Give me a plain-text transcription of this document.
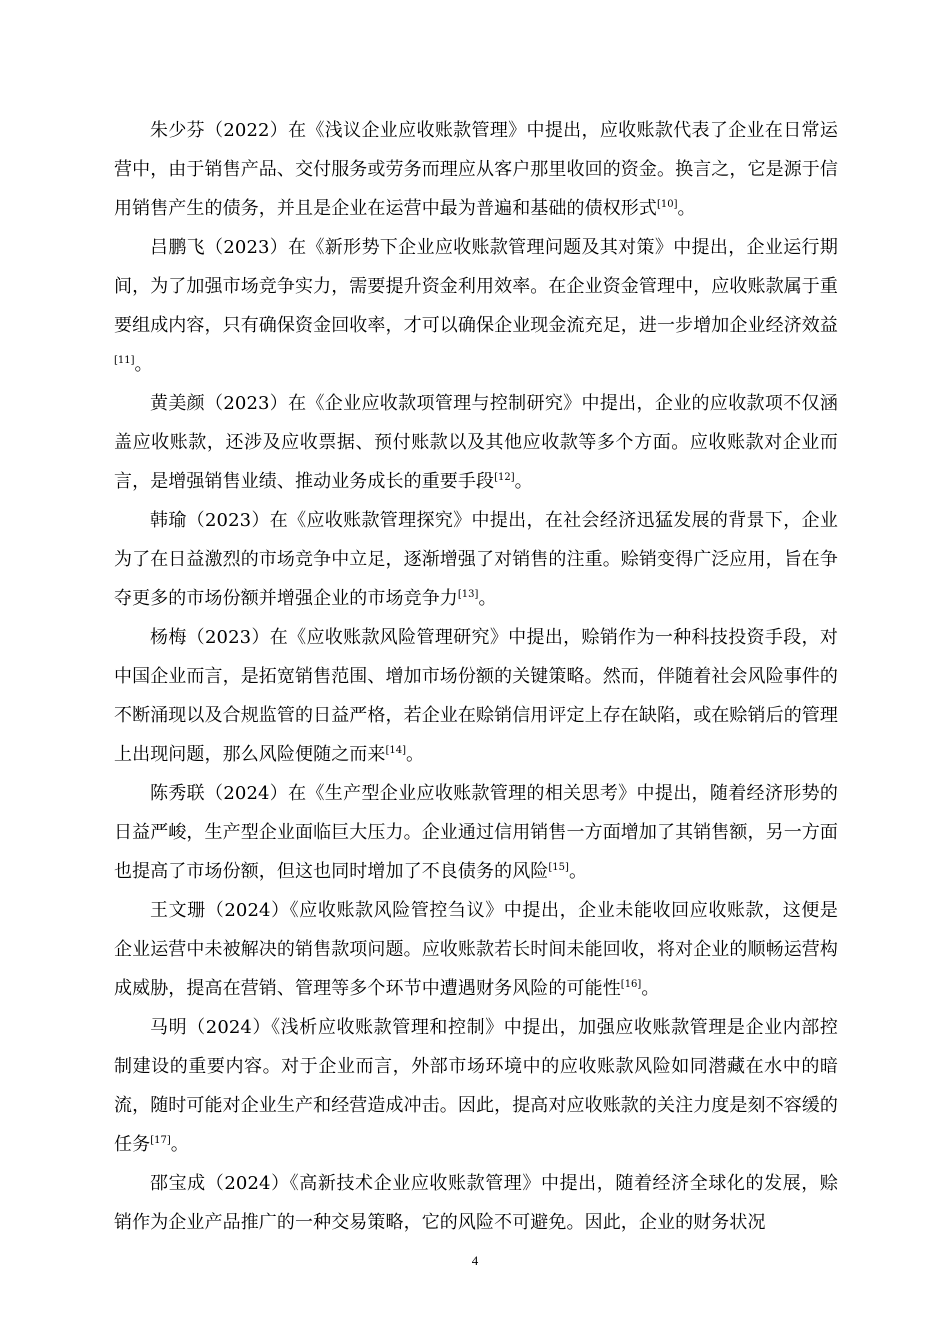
朱少芬（2022）在《浅议企业应收账款管理》中提出，应收账款代表了企业在日常运营中，由于销售产品、交付服务或劳务而理应从客户那里收回的资金。换言之，它是源于信用销售产生的债务，并且是企业在运营中最为普遍和基础的债权形式[10]。

吕鹏飞（2023）在《新形势下企业应收账款管理问题及其对策》中提出，企业运行期间，为了加强市场竞争实力，需要提升资金利用效率。在企业资金管理中，应收账款属于重要组成内容，只有确保资金回收率，才可以确保企业现金流充足，进一步增加企业经济效益[11]。

黄美颜（2023）在《企业应收款项管理与控制研究》中提出，企业的应收款项不仅涵盖应收账款，还涉及应收票据、预付账款以及其他应收款等多个方面。应收账款对企业而言，是增强销售业绩、推动业务成长的重要手段[12]。

韩瑜（2023）在《应收账款管理探究》中提出，在社会经济迅猛发展的背景下，企业为了在日益激烈的市场竞争中立足，逐渐增强了对销售的注重。赊销变得广泛应用，旨在争夺更多的市场份额并增强企业的市场竞争力[13]。

杨梅（2023）在《应收账款风险管理研究》中提出，赊销作为一种科技投资手段，对中国企业而言，是拓宽销售范围、增加市场份额的关键策略。然而，伴随着社会风险事件的不断涌现以及合规监管的日益严格，若企业在赊销信用评定上存在缺陷，或在赊销后的管理上出现问题，那么风险便随之而来[14]。

陈秀联（2024）在《生产型企业应收账款管理的相关思考》中提出，随着经济形势的日益严峻，生产型企业面临巨大压力。企业通过信用销售一方面增加了其销售额，另一方面也提高了市场份额，但这也同时增加了不良债务的风险[15]。

王文珊（2024）《应收账款风险管控刍议》中提出，企业未能收回应收账款，这便是企业运营中未被解决的销售款项问题。应收账款若长时间未能回收，将对企业的顺畅运营构成威胁，提高在营销、管理等多个环节中遭遇财务风险的可能性[16]。

马明（2024）《浅析应收账款管理和控制》中提出，加强应收账款管理是企业内部控制建设的重要内容。对于企业而言，外部市场环境中的应收账款风险如同潜藏在水中的暗流，随时可能对企业生产和经营造成冲击。因此，提高对应收账款的关注力度是刻不容缓的任务[17]。

邵宝成（2024）《高新技术企业应收账款管理》中提出，随着经济全球化的发展，赊销作为企业产品推广的一种交易策略，它的风险不可避免。因此，企业的财务状况

4
